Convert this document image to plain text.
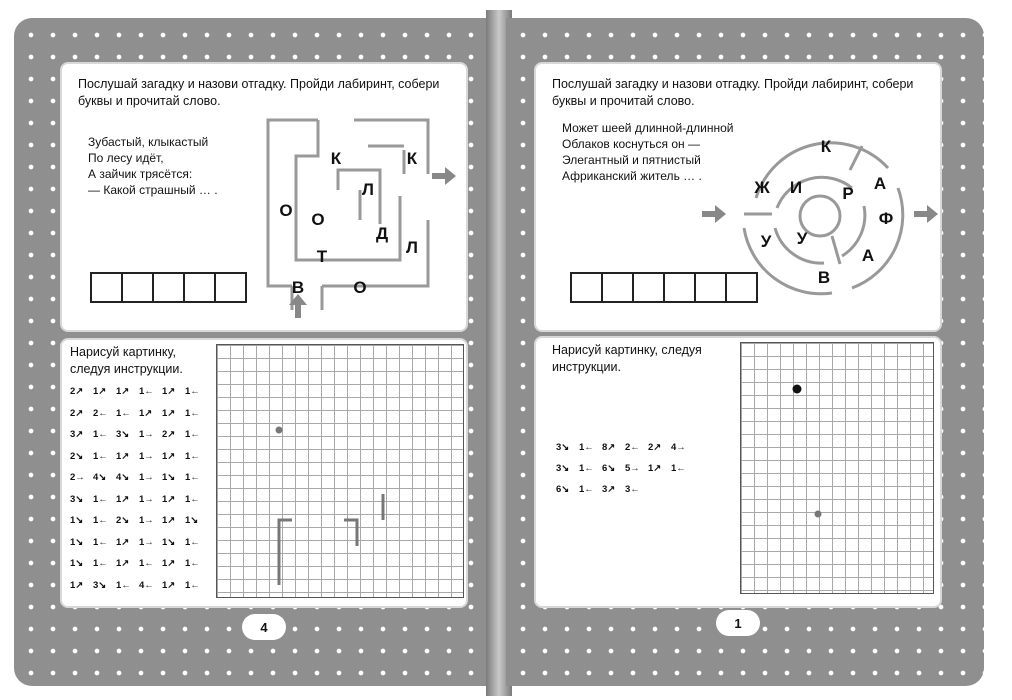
Послушай загадку и назови отгадку. Пройди лабиринт, собери
буквы и прочитай слово.
Зубастый, клыкастый
По лесу идёт,
А зайчик трясётся:
— Какой страшный … .
К	К
Л
О О
Д
Т	Л
В	О
Нарисуй картинку,
следуя инструкции.
2↗ 1↗ 1↗ 1← 1↗ 1←
2↗ 2← 1← 1↗ 1↗ 1←
3↗ 1← 3↘ 1→ 2↗ 1←
2↘ 1← 1↗ 1→ 1↗ 1←
2→ 4↘ 4↘ 1→ 1↘ 1←
3↘ 1← 1↗ 1→ 1↗ 1←
1↘ 1← 2↘ 1→ 1↗ 1↘
1↘ 1← 1↗ 1→ 1↘ 1←
1↘ 1← 1↗ 1← 1↗ 1←
1↗ 3↘ 1← 4← 1↗ 1←
4
Послушай загадку и назови отгадку. Пройди лабиринт, собери
буквы и прочитай слово.
Может шеей длинной-длинной
Облаков коснуться он —
Элегантный и пятнистый
Африканский житель … .
К
А
Ж И Р
Ф
У У
А
В
Нарисуй картинку, следуя
инструкции.
3↘ 1← 8↗ 2← 2↗ 4→
3↘ 1← 6↘ 5→ 1↗ 1←
6↘ 1← 3↗ 3←
1
